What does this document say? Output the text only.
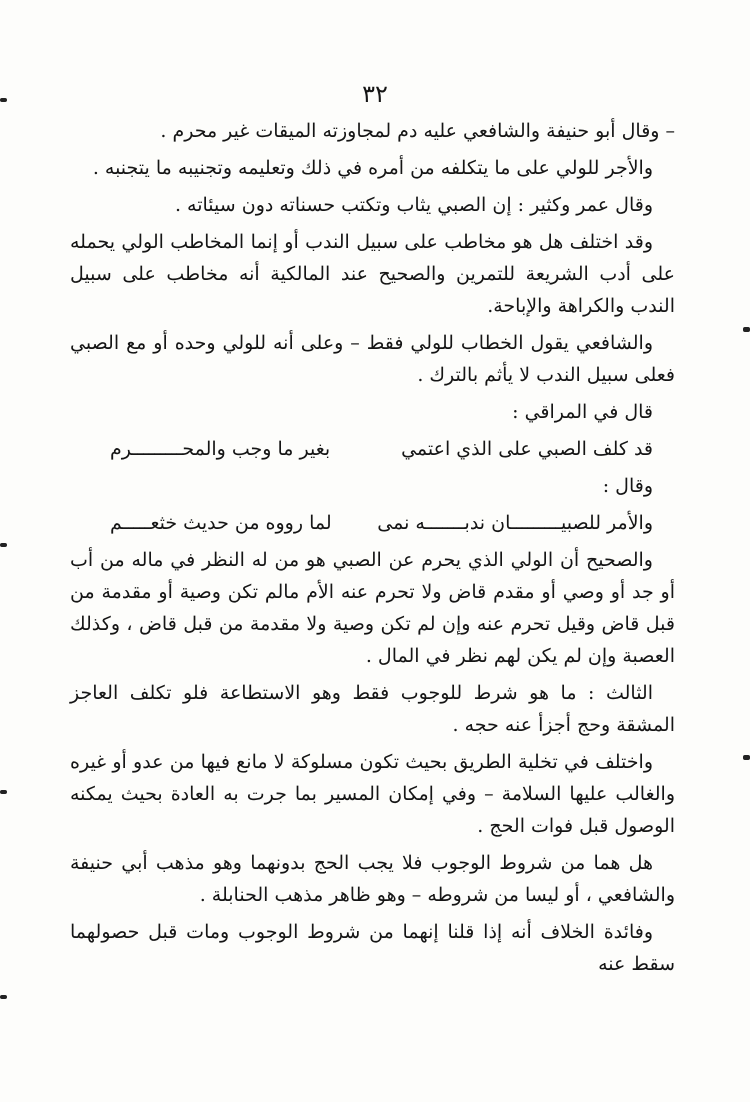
٣٢

– وقال أبو حنيفة والشافعي عليه دم لمجاوزته الميقات غير محرم .

والأجر للولي على ما يتكلفه من أمره في ذلك وتعليمه وتجنيبه ما يتجنبه .

وقال عمر وكثير : إن الصبي يثاب وتكتب حسناته دون سيئاته .

وقد اختلف هل هو مخاطب على سبيل الندب أو إنما المخاطب الولي يحمله على أدب الشريعة للتمرين والصحيح عند المالكية أنه مخاطب على سبيل الندب والكراهة والإباحة.

والشافعي يقول الخطاب للولي فقط – وعلى أنه للولي وحده أو مع الصبي فعلى سبيل الندب لا يأثم بالترك .

قال في المراقي :

قد كلف الصبي على الذي اعتمي
بغير ما وجب والمحـــــــــرم

وقال :

والأمر للصبيـــــــــان ندبـــــــه نمى
لما رووه من حديث خثعـــــم

والصحيح أن الولي الذي يحرم عن الصبي هو من له النظر في ماله من أب أو جد أو وصي أو مقدم قاض ولا تحرم عنه الأم مالم تكن وصية أو مقدمة من قبل قاض وقيل تحرم عنه وإن لم تكن وصية ولا مقدمة من قبل قاض ، وكذلك العصبة وإن لم يكن لهم نظر في المال .

الثالث : ما هو شرط للوجوب فقط وهو الاستطاعة فلو تكلف العاجز المشقة وحج أجزأ عنه حجه .

واختلف في تخلية الطريق بحيث تكون مسلوكة لا مانع فيها من عدو أو غيره والغالب عليها السلامة – وفي إمكان المسير بما جرت به العادة بحيث يمكنه الوصول قبل فوات الحج .

هل هما من شروط الوجوب فلا يجب الحج بدونهما وهو مذهب أبي حنيفة والشافعي ، أو ليسا من شروطه – وهو ظاهر مذهب الحنابلة .

وفائدة الخلاف أنه إذا قلنا إنهما من شروط الوجوب ومات قبل حصولهما سقط عنه
